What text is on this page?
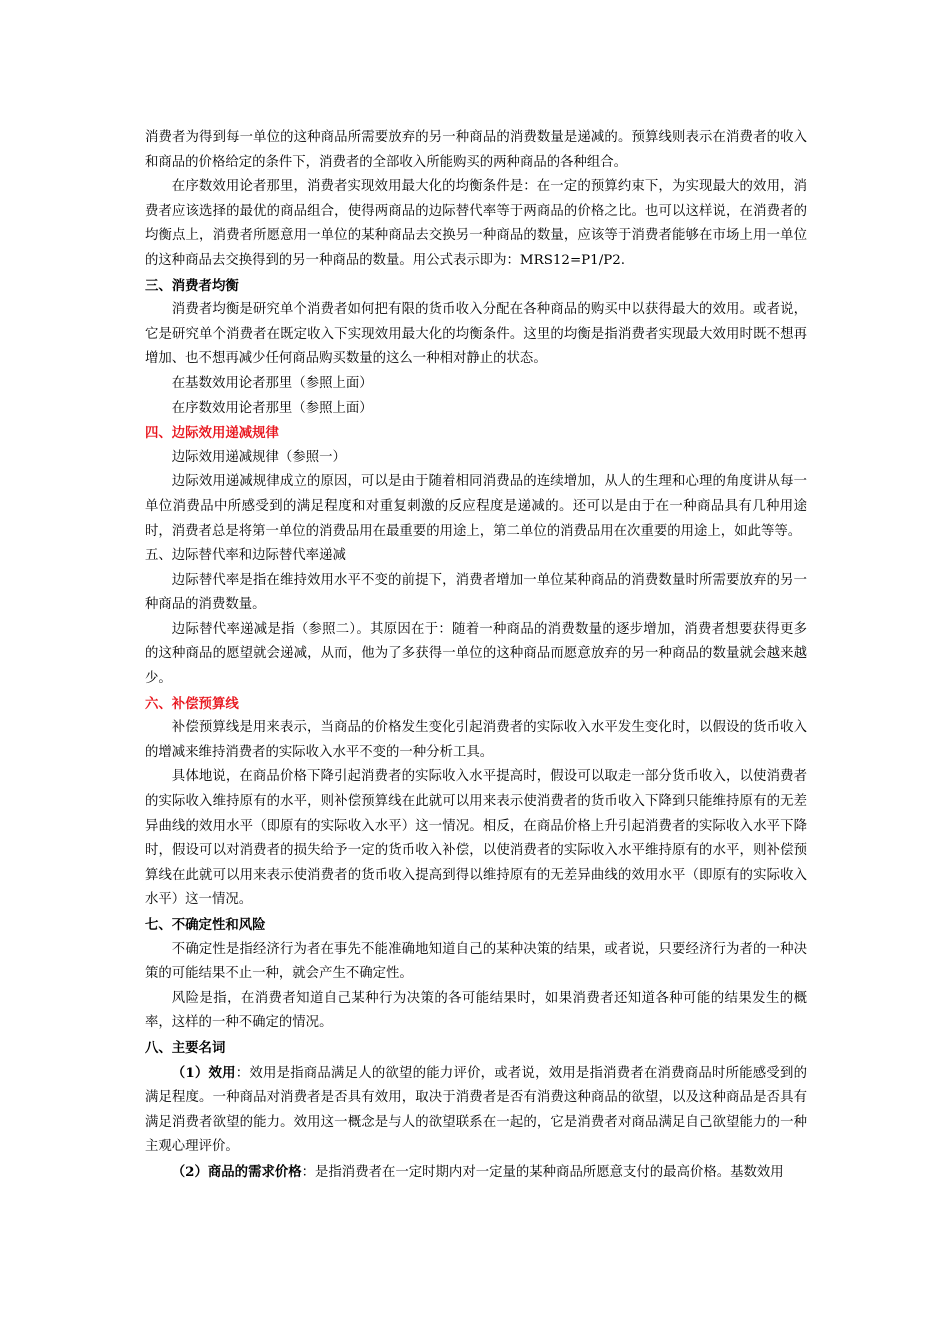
消费者为得到每一单位的这种商品所需要放弃的另一种商品的消费数量是递减的。预算线则表示在消费者的收入和商品的价格给定的条件下，消费者的全部收入所能购买的两种商品的各种组合。

在序数效用论者那里，消费者实现效用最大化的均衡条件是：在一定的预算约束下，为实现最大的效用，消费者应该选择的最优的商品组合，使得两商品的边际替代率等于两商品的价格之比。也可以这样说，在消费者的均衡点上，消费者所愿意用一单位的某种商品去交换另一种商品的数量，应该等于消费者能够在市场上用一单位的这种商品去交换得到的另一种商品的数量。用公式表示即为：MRS12=P1/P2.

三、消费者均衡

消费者均衡是研究单个消费者如何把有限的货币收入分配在各种商品的购买中以获得最大的效用。或者说，它是研究单个消费者在既定收入下实现效用最大化的均衡条件。这里的均衡是指消费者实现最大效用时既不想再增加、也不想再减少任何商品购买数量的这么一种相对静止的状态。

在基数效用论者那里（参照上面）

在序数效用论者那里（参照上面）

四、边际效用递减规律

边际效用递减规律（参照一）

边际效用递减规律成立的原因，可以是由于随着相同消费品的连续增加，从人的生理和心理的角度讲从每一单位消费品中所感受到的满足程度和对重复刺激的反应程度是递减的。还可以是由于在一种商品具有几种用途时，消费者总是将第一单位的消费品用在最重要的用途上，第二单位的消费品用在次重要的用途上，如此等等。

五、边际替代率和边际替代率递减

边际替代率是指在维持效用水平不变的前提下，消费者增加一单位某种商品的消费数量时所需要放弃的另一种商品的消费数量。

边际替代率递减是指（参照二）。其原因在于：随着一种商品的消费数量的逐步增加，消费者想要获得更多的这种商品的愿望就会递减，从而，他为了多获得一单位的这种商品而愿意放弃的另一种商品的数量就会越来越少。

六、补偿预算线

补偿预算线是用来表示，当商品的价格发生变化引起消费者的实际收入水平发生变化时，以假设的货币收入的增减来维持消费者的实际收入水平不变的一种分析工具。

具体地说，在商品价格下降引起消费者的实际收入水平提高时，假设可以取走一部分货币收入，以使消费者的实际收入维持原有的水平，则补偿预算线在此就可以用来表示使消费者的货币收入下降到只能维持原有的无差异曲线的效用水平（即原有的实际收入水平）这一情况。相反，在商品价格上升引起消费者的实际收入水平下降时，假设可以对消费者的损失给予一定的货币收入补偿，以使消费者的实际收入水平维持原有的水平，则补偿预算线在此就可以用来表示使消费者的货币收入提高到得以维持原有的无差异曲线的效用水平（即原有的实际收入水平）这一情况。

七、不确定性和风险

不确定性是指经济行为者在事先不能准确地知道自己的某种决策的结果，或者说，只要经济行为者的一种决策的可能结果不止一种，就会产生不确定性。

风险是指，在消费者知道自己某种行为决策的各可能结果时，如果消费者还知道各种可能的结果发生的概率，这样的一种不确定的情况。

八、主要名词

（1）效用：效用是指商品满足人的欲望的能力评价，或者说，效用是指消费者在消费商品时所能感受到的满足程度。一种商品对消费者是否具有效用，取决于消费者是否有消费这种商品的欲望，以及这种商品是否具有满足消费者欲望的能力。效用这一概念是与人的欲望联系在一起的，它是消费者对商品满足自己欲望能力的一种主观心理评价。

（2）商品的需求价格：是指消费者在一定时期内对一定量的某种商品所愿意支付的最高价格。基数效用
